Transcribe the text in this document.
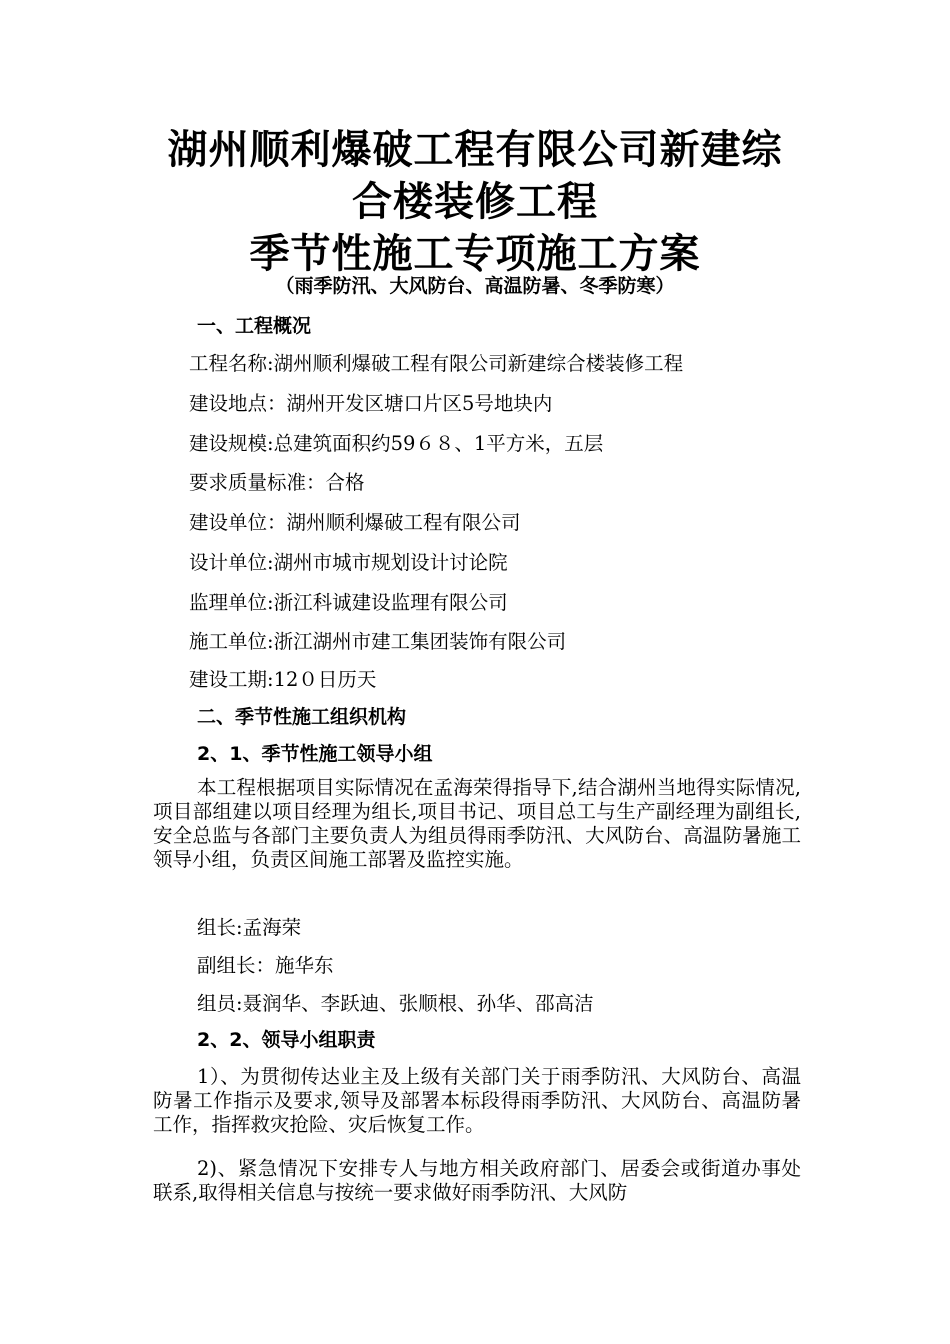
湖州顺利爆破工程有限公司新建综
合楼装修工程
季节性施工专项施工方案
（雨季防汛、大风防台、高温防暑、冬季防寒）
一、工程概况
工程名称:湖州顺利爆破工程有限公司新建综合楼装修工程
建设地点：湖州开发区塘口片区5号地块内
建设规模:总建筑面积约59６８、1平方米，五层
要求质量标准：合格
建设单位：湖州顺利爆破工程有限公司
设计单位:湖州市城市规划设计讨论院
监理单位:浙江科诚建设监理有限公司
施工单位:浙江湖州市建工集团装饰有限公司
建设工期:12０日历天
二、季节性施工组织机构
2、1、季节性施工领导小组
本工程根据项目实际情况在孟海荣得指导下,结合湖州当地得实际情况,项目部组建以项目经理为组长,项目书记、项目总工与生产副经理为副组长,安全总监与各部门主要负责人为组员得雨季防汛、大风防台、高温防暑施工领导小组，负责区间施工部署及监控实施。
组长:孟海荣
副组长：施华东
组员:聂润华、李跃迪、张顺根、孙华、邵高洁
2、2、领导小组职责
1）、为贯彻传达业主及上级有关部门关于雨季防汛、大风防台、高温防暑工作指示及要求,领导及部署本标段得雨季防汛、大风防台、高温防暑工作，指挥救灾抢险、灾后恢复工作。
2)、紧急情况下安排专人与地方相关政府部门、居委会或街道办事处联系,取得相关信息与按统一要求做好雨季防汛、大风防
